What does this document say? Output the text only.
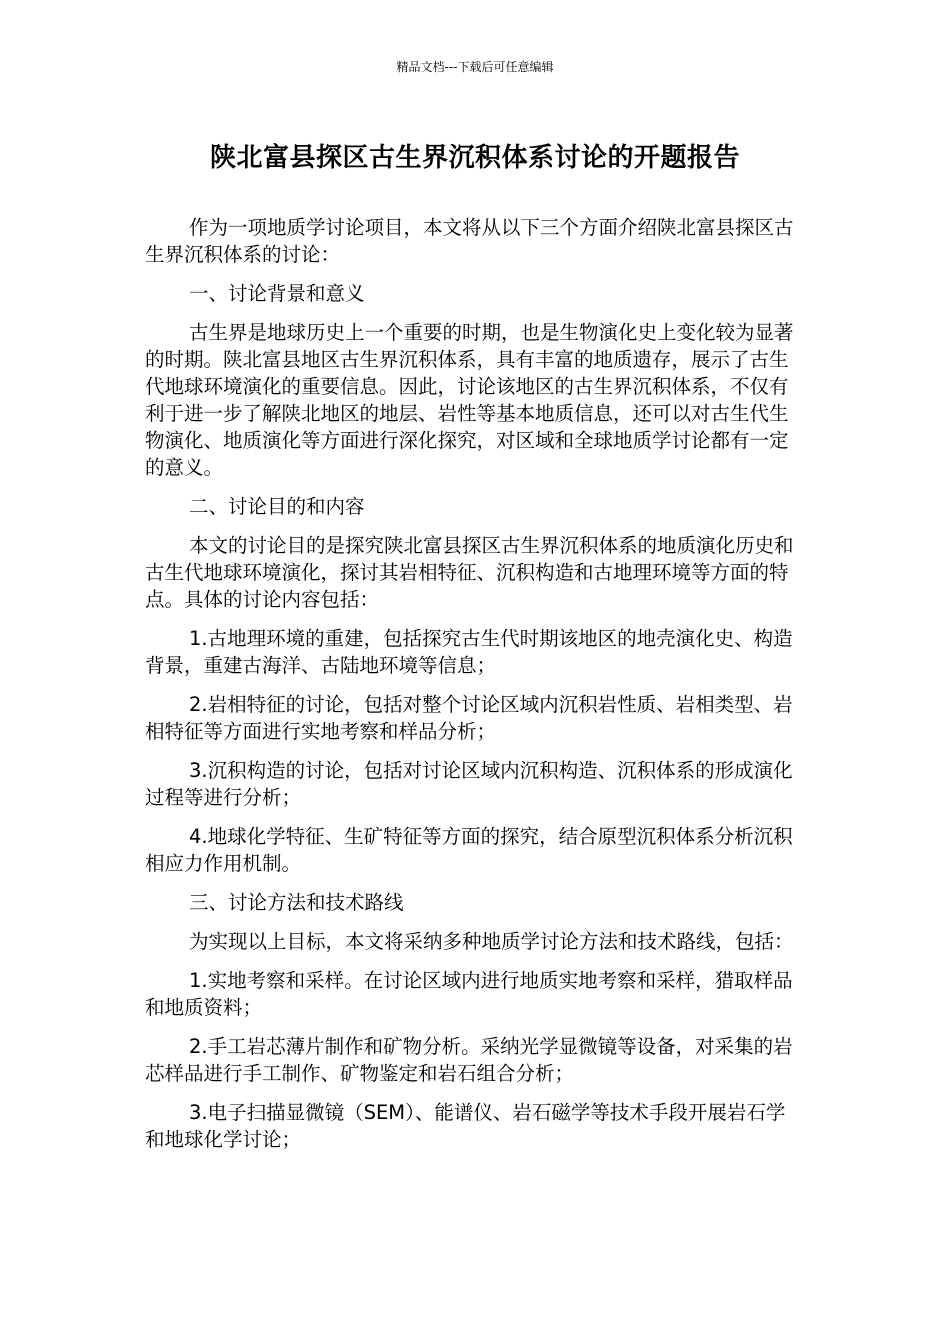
精品文档---下载后可任意编辑
陕北富县探区古生界沉积体系讨论的开题报告

作为一项地质学讨论项目，本文将从以下三个方面介绍陕北富县探区古生界沉积体系的讨论：

一、讨论背景和意义

古生界是地球历史上一个重要的时期，也是生物演化史上变化较为显著的时期。陕北富县地区古生界沉积体系，具有丰富的地质遗存，展示了古生代地球环境演化的重要信息。因此，讨论该地区的古生界沉积体系，不仅有利于进一步了解陕北地区的地层、岩性等基本地质信息，还可以对古生代生物演化、地质演化等方面进行深化探究，对区域和全球地质学讨论都有一定的意义。

二、讨论目的和内容

本文的讨论目的是探究陕北富县探区古生界沉积体系的地质演化历史和古生代地球环境演化，探讨其岩相特征、沉积构造和古地理环境等方面的特点。具体的讨论内容包括：

1.古地理环境的重建，包括探究古生代时期该地区的地壳演化史、构造背景，重建古海洋、古陆地环境等信息；

2.岩相特征的讨论，包括对整个讨论区域内沉积岩性质、岩相类型、岩相特征等方面进行实地考察和样品分析；

3.沉积构造的讨论，包括对讨论区域内沉积构造、沉积体系的形成演化过程等进行分析；

4.地球化学特征、生矿特征等方面的探究，结合原型沉积体系分析沉积相应力作用机制。

三、讨论方法和技术路线

为实现以上目标，本文将采纳多种地质学讨论方法和技术路线，包括：

1.实地考察和采样。在讨论区域内进行地质实地考察和采样，猎取样品和地质资料；

2.手工岩芯薄片制作和矿物分析。采纳光学显微镜等设备，对采集的岩芯样品进行手工制作、矿物鉴定和岩石组合分析；

3.电子扫描显微镜（SEM）、能谱仪、岩石磁学等技术手段开展岩石学和地球化学讨论；
